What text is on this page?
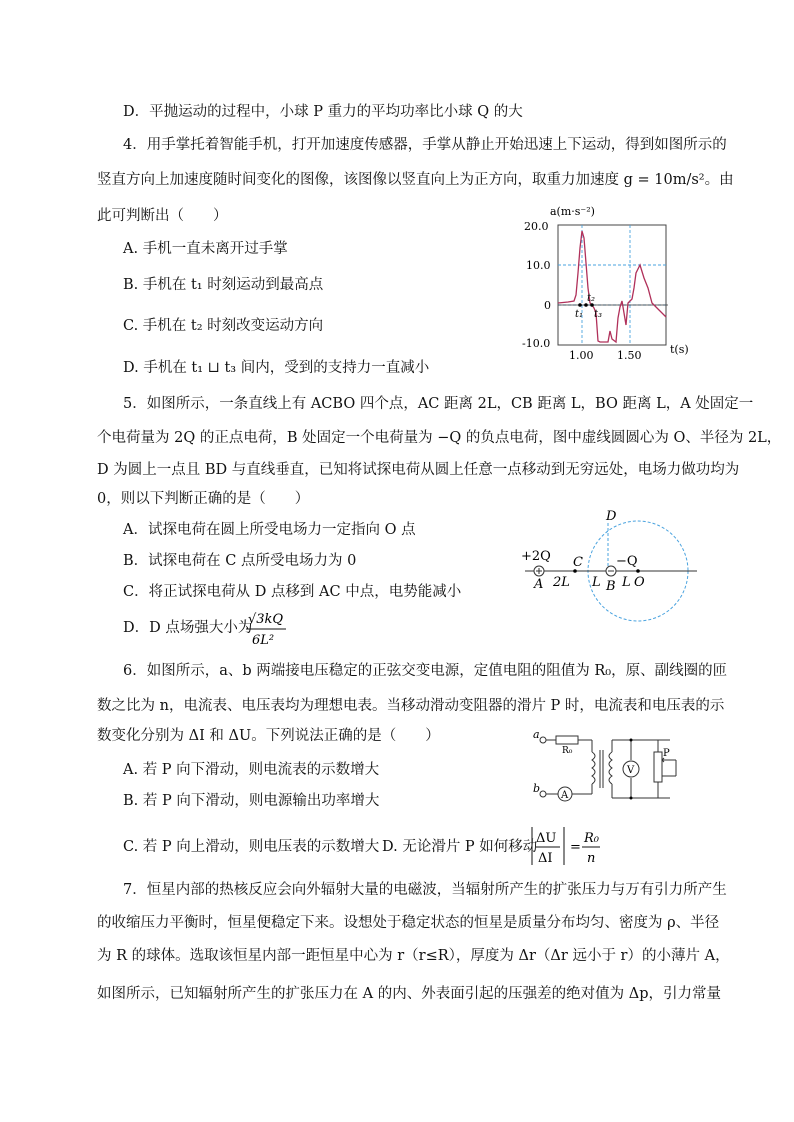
D．平抛运动的过程中，小球 P 重力的平均功率比小球 Q 的大
4．用手掌托着智能手机，打开加速度传感器，手掌从静止开始迅速上下运动，得到如图所示的
竖直方向上加速度随时间变化的图像，该图像以竖直向上为正方向，取重力加速度 g = 10m/s²。由
此可判断出（　　）
A. 手机一直未离开过手掌
B. 手机在 t₁ 时刻运动到最高点
C. 手机在 t₂ 时刻改变运动方向
D. 手机在 t₁ ⊔ t₃ 间内，受到的支持力一直减小
a(m·s⁻²)
20.0
10.0
0
-10.0
1.00 1.50	t(s)
t₁
t₂
t₃
5．如图所示，一条直线上有 ACBO 四个点，AC 距离 2L，CB 距离 L，BO 距离 L，A 处固定一
个电荷量为 2Q 的正点电荷，B 处固定一个电荷量为 −Q 的负点电荷，图中虚线圆圆心为 O、半径为 2L，
D 为圆上一点且 BD 与直线垂直，已知将试探电荷从圆上任意一点移动到无穷远处，电场力做功均为
0，则以下判断正确的是（　　）
A．试探电荷在圆上所受电场力一定指向 O 点
B．试探电荷在 C 点所受电场力为 0
C．将正试探电荷从 D 点移到 AC 中点，电势能减小
D．D 点场强大小为
√3kQ
6L²
+2Q	−Q
A
C
B O
D
2L L L
6．如图所示，a、b 两端接电压稳定的正弦交变电源，定值电阻的阻值为 R₀，原、副线圈的匝
数之比为 n，电流表、电压表均为理想电表。当移动滑动变阻器的滑片 P 时，电流表和电压表的示
数变化分别为 ΔI 和 ΔU。下列说法正确的是（　　）
A. 若 P 向下滑动，则电流表的示数增大
B. 若 P 向下滑动，则电源输出功率增大
C. 若 P 向上滑动，则电压表的示数增大 D. 无论滑片 P 如何移动
ΔU
ΔI
=
R₀
n
a
b
R₀
A
V
P
7．恒星内部的热核反应会向外辐射大量的电磁波，当辐射所产生的扩张压力与万有引力所产生
的收缩压力平衡时，恒星便稳定下来。设想处于稳定状态的恒星是质量分布均匀、密度为 ρ、半径
为 R 的球体。选取该恒星内部一距恒星中心为 r（r≤R），厚度为 Δr（Δr 远小于 r）的小薄片 A，
如图所示，已知辐射所产生的扩张压力在 A 的内、外表面引起的压强差的绝对值为 Δp，引力常量
